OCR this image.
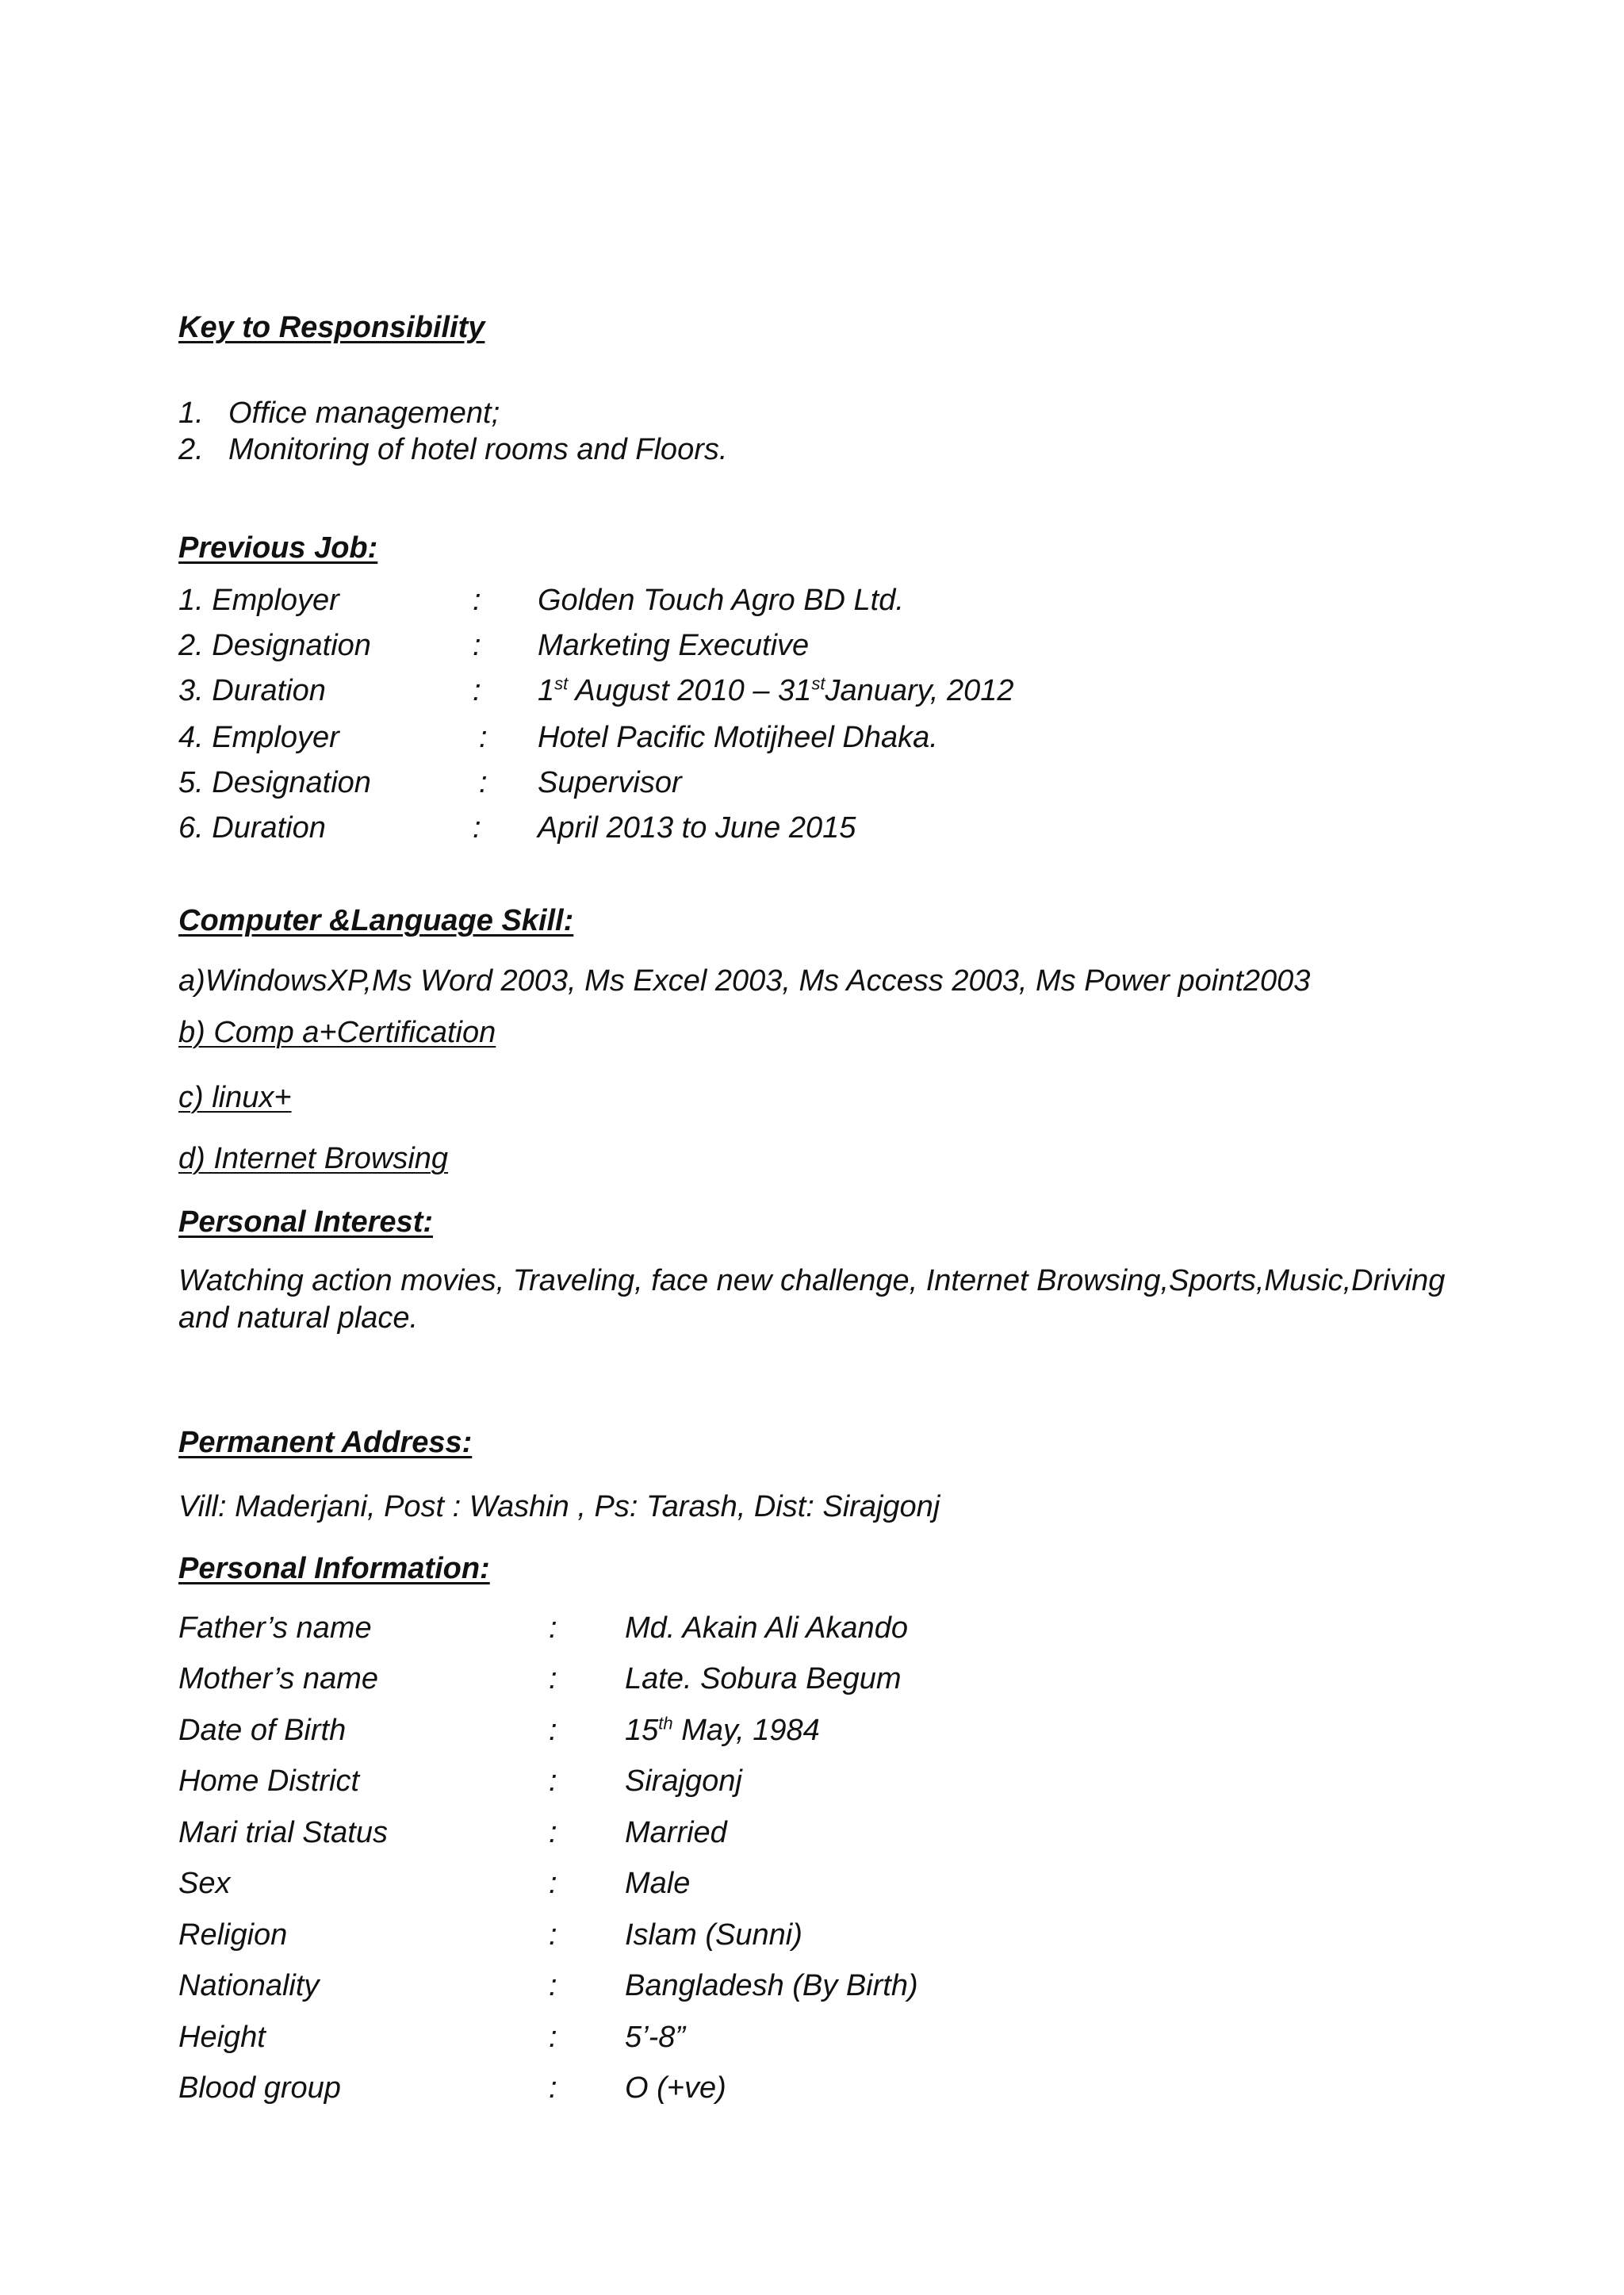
Key to Responsibility
1. Office management;
2. Monitoring of hotel rooms and Floors.
Previous Job:
1. Employer	: Golden Touch Agro BD Ltd.
2. Designation	: Marketing Executive
3. Duration	: 1st August 2010 – 31stJanuary, 2012
4. Employer	: Hotel Pacific Motijheel Dhaka.
5. Designation	: Supervisor
6. Duration	: April 2013 to June 2015
Computer &Language Skill:
a)WindowsXP,Ms Word 2003, Ms Excel 2003, Ms Access 2003, Ms Power point2003
b) Comp a+Certification
c) linux+
d) Internet Browsing
Personal Interest:
Watching action movies, Traveling, face new challenge, Internet Browsing,Sports,Music,Driving
and natural place.
Permanent Address:
Vill: Maderjani, Post : Washin , Ps: Tarash, Dist: Sirajgonj
Personal Information:
Father’s name	: Md. Akain Ali Akando
Mother’s name	: Late. Sobura Begum
Date of Birth	: 15th May, 1984
Home District	: Sirajgonj
Mari trial Status	: Married
Sex	: Male
Religion	: Islam (Sunni)
Nationality	: Bangladesh (By Birth)
Height	: 5’-8”
Blood group	: O (+ve)
